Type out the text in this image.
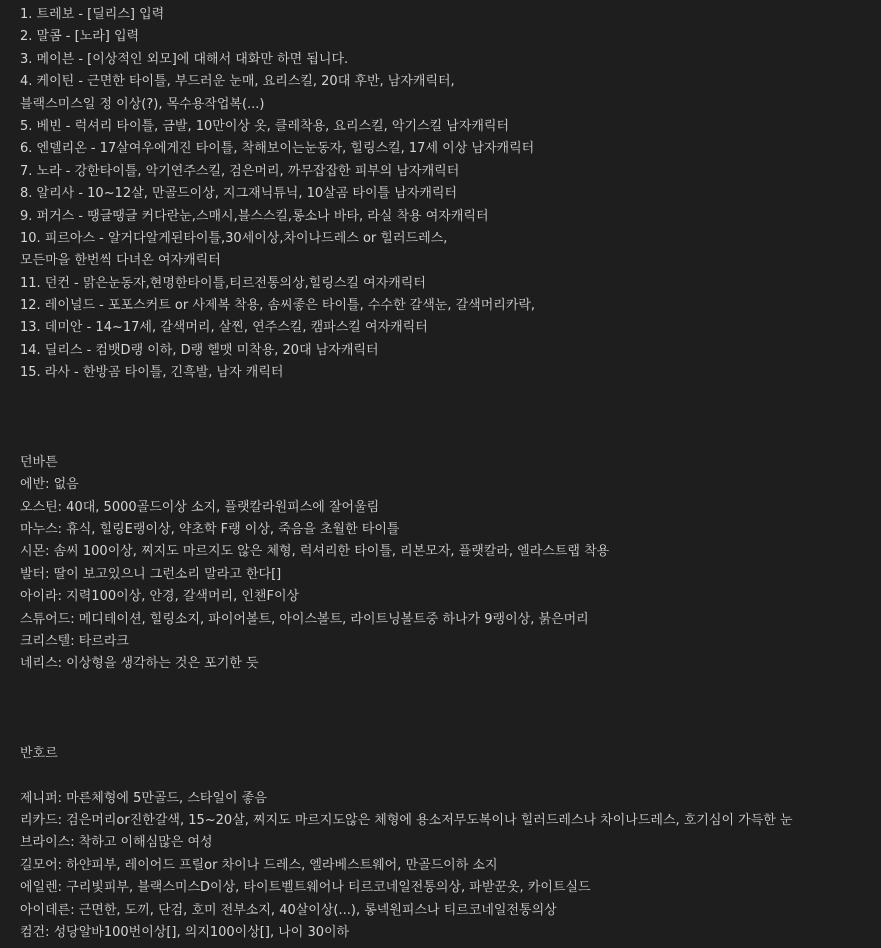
1. 트레보 - [딜리스] 입력
2. 말콤 - [노라] 입력
3. 메이븐 - [이상적인 외모]에 대해서 대화만 하면 됩니다.
4. 케이틴 - 근면한 타이틀, 부드러운 눈매, 요리스킬, 20대 후반, 남자캐릭터,
블랙스미스일 정 이상(?), 목수용작업복(...)
5. 베빈 - 럭셔리 타이틀, 금발, 10만이상 옷, 클레착용, 요리스킬, 악기스킬 남자캐릭터
6. 엔델리온 - 17살여우에게진 타이틀, 착해보이는눈동자, 힐링스킬, 17세 이상 남자캐릭터
7. 노라 - 강한타이틀, 악기연주스킬, 검은머리, 까무잡잡한 피부의 남자캐릭터
8. 알리사 - 10~12살, 만골드이상, 지그재닉튜닉, 10살곰 타이틀 남자캐릭터
9. 퍼거스 - 땡글땡글 커다란눈,스매시,블스스킬,롱소나 바타, 라실 착용 여자캐릭터
10. 피르아스 - 알거다알게된타이틀,30세이상,차이나드레스 or 힐러드레스,
모든마을 한번씩 다녀온 여자캐릭터
11. 던컨 - 맑은눈동자,현명한타이틀,티르전통의상,힐링스킬 여자캐릭터
12. 레이널드 - 포포스커트 or 사제복 착용, 솜씨좋은 타이틀, 수수한 갈색눈, 갈색머리카락,
13. 데미안 - 14~17세, 갈색머리, 살찐, 연주스킬, 캠파스킬 여자캐릭터
14. 딜리스 - 컴뱃D랭 이하, D랭 헬맷 미착용, 20대 남자캐릭터
15. 라사 - 한방곰 타이틀, 긴흑발, 남자 캐릭터
던바튼
에반: 없음
오스틴: 40대, 5000골드이상 소지, 플랫칼라원피스에 잘어울림
마누스: 휴식, 힐링E랭이상, 약초학 F랭 이상, 죽음을 초월한 타이틀
시몬: 솜씨 100이상, 찌지도 마르지도 않은 체형, 럭셔리한 타이틀, 리본모자, 플랫칼라, 엘라스트랩 착용
발터: 딸이 보고있으니 그런소리 말라고 한다[]
아이라: 지력100이상, 안경, 갈색머리, 인챈F이상
스튜어드: 메디테이션, 힐링소지, 파이어볼트, 아이스볼트, 라이트닝볼트중 하나가 9랭이상, 붉은머리
크리스텔: 타르라크
네리스: 이상형을 생각하는 것은 포기한 듯
반호르
제니퍼: 마른체형에 5만골드, 스타일이 좋음
리카드: 검은머리or진한갈색, 15~20살, 찌지도 마르지도않은 체형에 용소저무도복이나 힐러드레스나 차이나드레스, 호기심이 가득한 눈
브라이스: 착하고 이해심많은 여성
길모어: 하얀피부, 레이어드 프릴or 차이나 드레스, 엘라베스트웨어, 만골드이하 소지
에일렌: 구리빛피부, 블랙스미스D이상, 타이트벨트웨어나 티르코네일전통의상, 파받꾼옷, 카이트실드
아이데른: 근면한, 도끼, 단검, 호미 전부소지, 40살이상(...), 롱넥원피스나 티르코네일전통의상
컴건: 성당알바100번이상[], 의지100이상[], 나이 30이하
